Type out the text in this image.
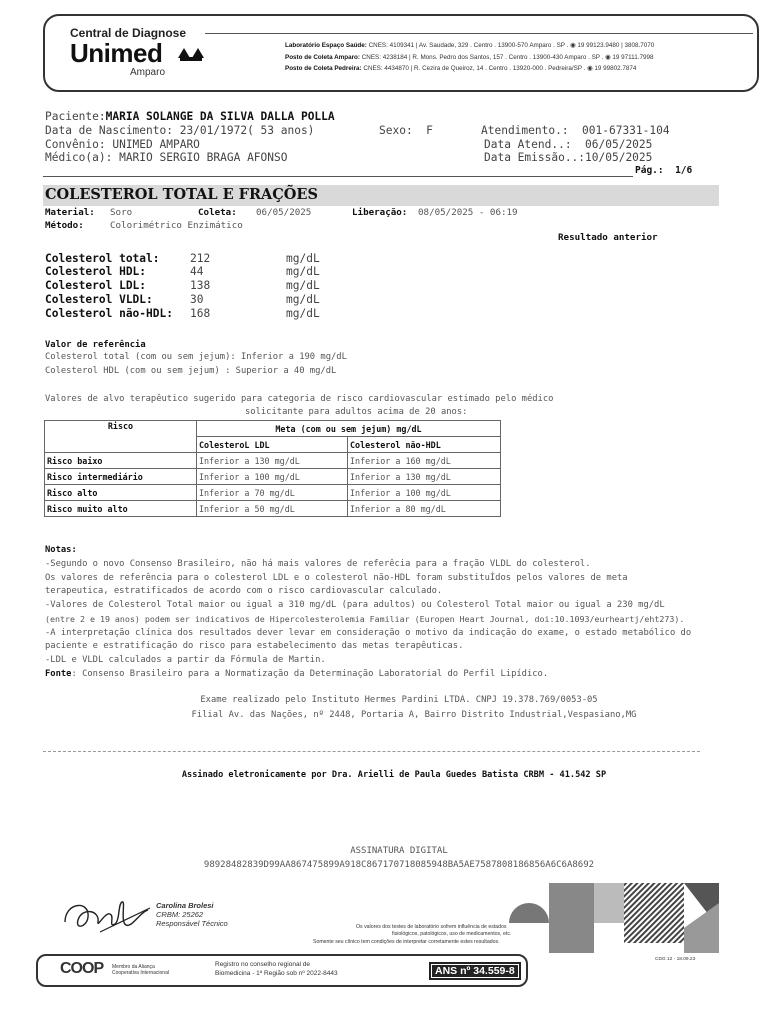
Central de Diagnose
Unimed
Amparo
Laboratório Espaço Saúde: CNES: 4109341 | Av. Saudade, 329 . Centro . 13900-570 Amparo . SP . ◉ 19 99123.9480 | 3808.7070
Posto de Coleta Amparo: CNES: 4238184 | R. Mons. Pedro dos Santos, 157 . Centro . 13900-430 Amparo . SP . ◉ 19 97111.7998
Posto de Coleta Pedreira: CNES: 4434870 | R. Cezira de Queiroz, 14 . Centro . 13920-000 . Pedreira/SP . ◉ 19 99802.7874
Paciente:MARIA SOLANGE DA SILVA DALLA POLLA
Data de Nascimento: 23/01/1972( 53 anos)	Sexo:  F	Atendimento.:  001-67331-104
Convênio: UNIMED AMPARO	Data Atend..:  06/05/2025
Médico(a): MARIO SERGIO BRAGA AFONSO	Data Emissão..:10/05/2025
Pág.: 1/6
COLESTEROL TOTAL E FRAÇÕES
Material: Soro	Coleta: 06/05/2025	Liberação: 08/05/2025 - 06:19
Método:	Colorimétrico Enzimático
Resultado anterior
Colesterol total:	212	mg/dL
Colesterol HDL:	44	mg/dL
Colesterol LDL:	138	mg/dL
Colesterol VLDL:	30	mg/dL
Colesterol não-HDL: 168	mg/dL
Valor de referência
Colesterol total (com ou sem jejum): Inferior a 190 mg/dL
Colesterol HDL (com ou sem jejum) : Superior a 40 mg/dL
Valores de alvo terapêutico sugerido para categoria de risco cardiovascular estimado pelo médico
solicitante para adultos acima de 20 anos:
Risco	Meta (com ou sem jejum) mg/dL	
	ColesteroL LDL	Colesterol não-HDL
Risco baixo	Inferior a 130 mg/dL	Inferior a 160 mg/dL
Risco intermediário	Inferior a 100 mg/dL	Inferior a 130 mg/dL
Risco alto	Inferior a 70 mg/dL	Inferior a 100 mg/dL
Risco muito alto	Inferior a 50 mg/dL	Inferior a 80 mg/dL
Notas:
-Segundo o novo Consenso Brasileiro, não há mais valores de referêcia para a fração VLDL do colesterol.
Os valores de referência para o colesterol LDL e o colesterol não-HDL foram substituÍdos pelos valores de meta
terapeutica, estratificados de acordo com o risco cardiovascular calculado.
-Valores de Colesterol Total maior ou igual a 310 mg/dL (para adultos) ou Colesterol Total maior ou igual a 230 mg/dL
(entre 2 e 19 anos) podem ser indicativos de Hipercolesterolemia Familiar (Europen Heart Journal, doi:10.1093/eurheartj/eht273).
-A interpretação clínica dos resultados dever levar em consideração o motivo da indicação do exame, o estado metabólico do
paciente e estratificação do risco para estabelecimento das metas terapêuticas.
-LDL e VLDL calculados a partir da Fórmula de Martin.
Fonte: Consenso Brasileiro para a Normatização da Determinação Laboratorial do Perfil Lipídico.
Exame realizado pelo Instituto Hermes Pardini LTDA. CNPJ 19.378.769/0053-05
Filial Av. das Nações, nº 2448, Portaria A, Bairro Distrito Industrial,Vespasiano,MG
Assinado eletronicamente por Dra. Arielli de Paula Guedes Batista CRBM - 41.542 SP
ASSINATURA DIGITAL
98928482839D99AA867475899A918C867170718085948BA5AE7587808186856A6C6A8692
Carolina Brolesi
CRBM: 25262
Responsável Técnico	Os valores dos testes de laboratório sofrem influência de estados
fisiológicos, patológicos, uso de medicamentos, etc.
Somente seu clínico tem condições de interpretar corretamente estes resultados.
COOP Membro da Aliança
Cooperativa Internacional
Registro no conselho regional de
Biomedicina - 1ª Região sob nº 2022-8443	ANS nº 34.559-8
CDG 12 - 18.09.23
